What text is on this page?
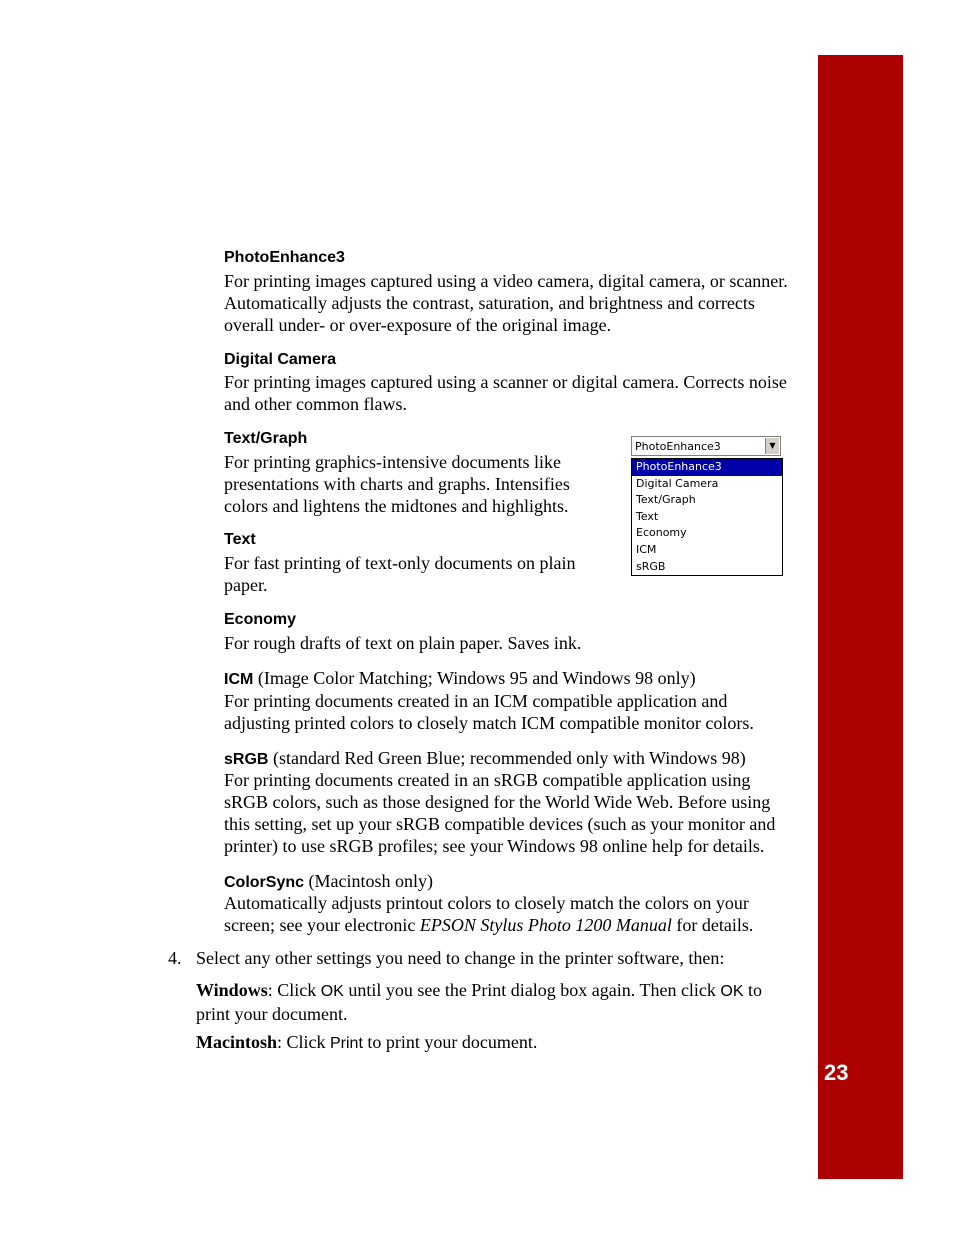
23
PhotoEnhance3

For printing images captured using a video camera, digital camera, or scanner. Automatically adjusts the contrast, saturation, and brightness and corrects overall under- or over-exposure of the original image.

Digital Camera

For printing images captured using a scanner or digital camera. Corrects noise and other common flaws.

Text/Graph

For printing graphics-intensive documents like presentations with charts and graphs. Intensifies colors and lightens the midtones and highlights.

Text

For fast printing of text-only documents on plain paper.

Economy

For rough drafts of text on plain paper. Saves ink.

ICM (Image Color Matching; Windows 95 and Windows 98 only)

For printing documents created in an ICM compatible application and adjusting printed colors to closely match ICM compatible monitor colors.

sRGB (standard Red Green Blue; recommended only with Windows 98)

For printing documents created in an sRGB compatible application using sRGB colors, such as those designed for the World Wide Web. Before using this setting, set up your sRGB compatible devices (such as your monitor and printer) to use sRGB profiles; see your Windows 98 online help for details.

ColorSync (Macintosh only)

Automatically adjusts printout colors to closely match the colors on your screen; see your electronic EPSON Stylus Photo 1200 Manual for details.

4. Select any other settings you need to change in the printer software, then:

Windows: Click OK until you see the Print dialog box again. Then click OK to print your document.

Macintosh: Click Print to print your document.

PhotoEnhance3	▼
PhotoEnhance3
Digital Camera
Text/Graph
Text
Economy
ICM
sRGB
